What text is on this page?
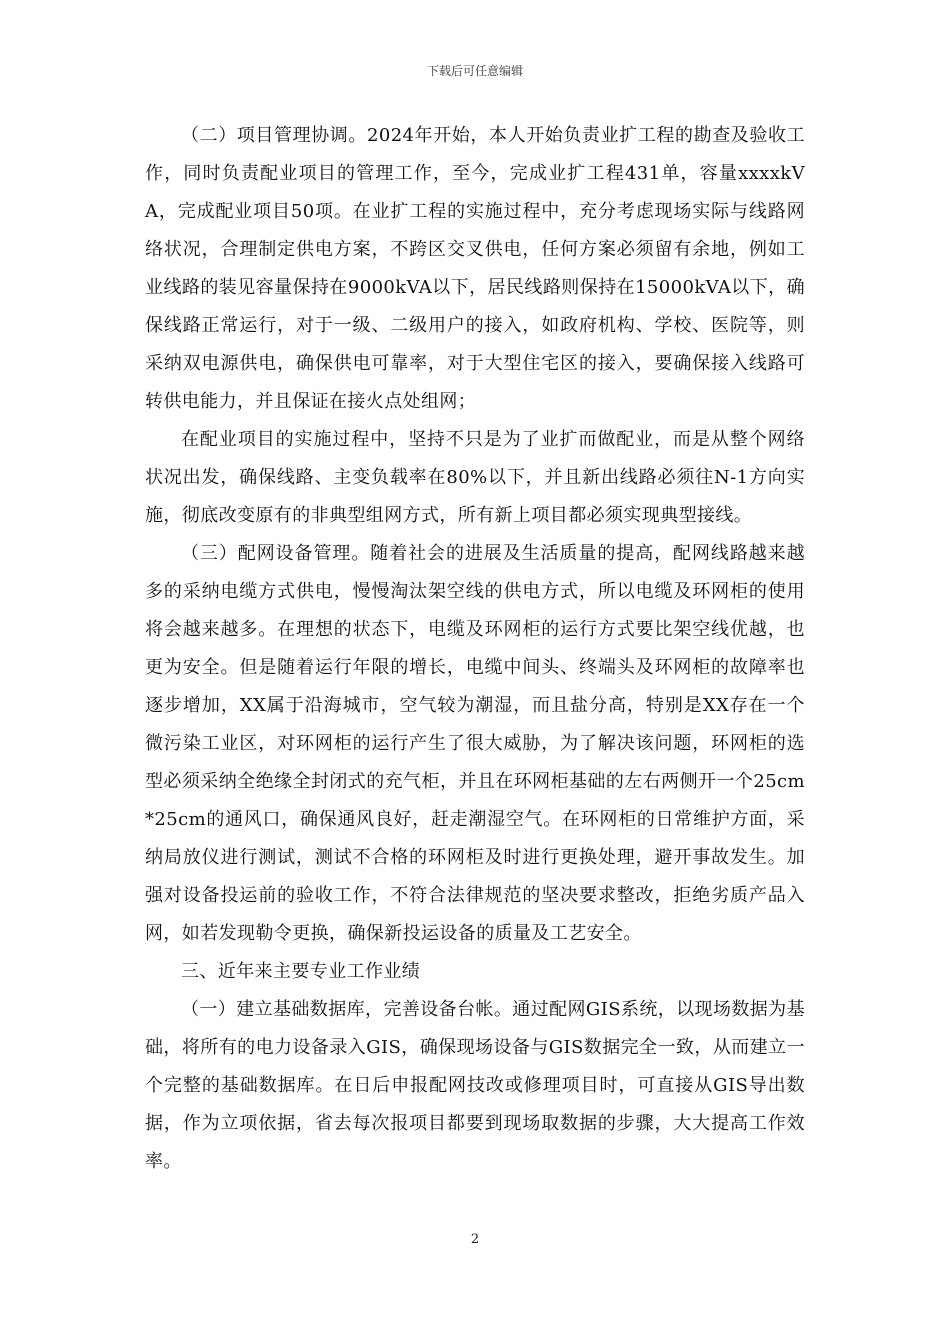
下载后可任意编辑

（二）项目管理协调。2024年开始，本人开始负责业扩工程的勘查及验收工作，同时负责配业项目的管理工作，至今，完成业扩工程431单，容量xxxxkVA，完成配业项目50项。在业扩工程的实施过程中，充分考虑现场实际与线路网络状况，合理制定供电方案，不跨区交叉供电，任何方案必须留有余地，例如工业线路的装见容量保持在9000kVA以下，居民线路则保持在15000kVA以下，确保线路正常运行，对于一级、二级用户的接入，如政府机构、学校、医院等，则采纳双电源供电，确保供电可靠率，对于大型住宅区的接入，要确保接入线路可转供电能力，并且保证在接火点处组网；

在配业项目的实施过程中，坚持不只是为了业扩而做配业，而是从整个网络状况出发，确保线路、主变负载率在80%以下，并且新出线路必须往N-1方向实施，彻底改变原有的非典型组网方式，所有新上项目都必须实现典型接线。

（三）配网设备管理。随着社会的进展及生活质量的提高，配网线路越来越多的采纳电缆方式供电，慢慢淘汰架空线的供电方式，所以电缆及环网柜的使用将会越来越多。在理想的状态下，电缆及环网柜的运行方式要比架空线优越，也更为安全。但是随着运行年限的增长，电缆中间头、终端头及环网柜的故障率也逐步增加，XX属于沿海城市，空气较为潮湿，而且盐分高，特别是XX存在一个微污染工业区，对环网柜的运行产生了很大威胁，为了解决该问题，环网柜的选型必须采纳全绝缘全封闭式的充气柜，并且在环网柜基础的左右两侧开一个25cm*25cm的通风口，确保通风良好，赶走潮湿空气。在环网柜的日常维护方面，采纳局放仪进行测试，测试不合格的环网柜及时进行更换处理，避开事故发生。加强对设备投运前的验收工作，不符合法律规范的坚决要求整改，拒绝劣质产品入网，如若发现勒令更换，确保新投运设备的质量及工艺安全。

三、近年来主要专业工作业绩

（一）建立基础数据库，完善设备台帐。通过配网GIS系统，以现场数据为基础，将所有的电力设备录入GIS，确保现场设备与GIS数据完全一致，从而建立一个完整的基础数据库。在日后申报配网技改或修理项目时，可直接从GIS导出数据，作为立项依据，省去每次报项目都要到现场取数据的步骤，大大提高工作效率。

2
